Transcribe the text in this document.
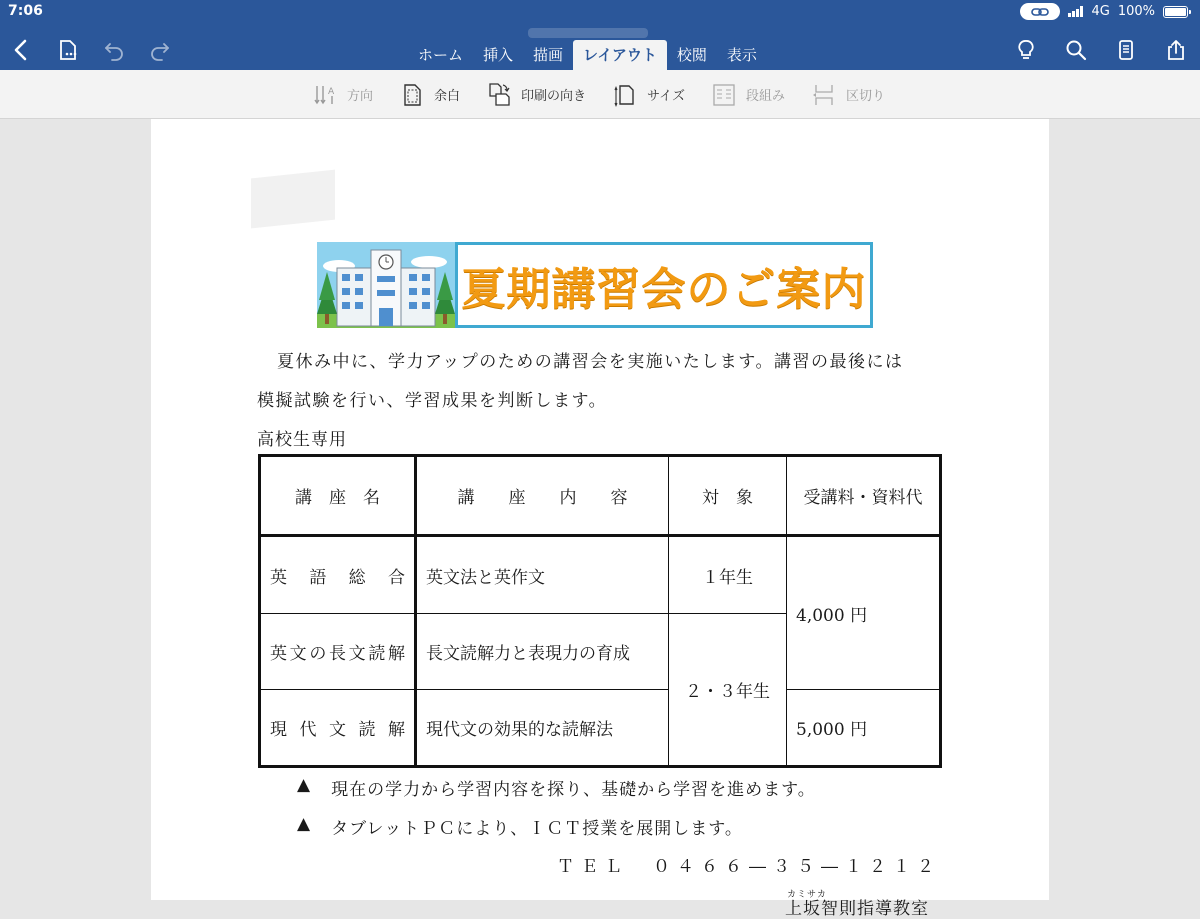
7:06	4G 100%
ホーム	挿入	描画	レイアウト	校閲	表示
A 方向	余白	印刷の向き	サイズ	段組み	区切り
夏期講習会のご案内
夏休み中に、学力アップのための講習会を実施いたします。講習の最後には
模擬試験を行い、学習成果を判断します。
高校生専用
講　座　名	講　　座　　内　　容	対　象	受講料・資料代

英語総合	英文法と英作文	１年生	4,000 円

英文の長文読解	長文読解力と表現力の育成	２・３年生	

現代文読解	現代文の効果的な読解法		5,000 円
▲ 現在の学力から学習内容を探り、基礎から学習を進めます。
▲ タブレットＰＣにより、ＩＣＴ授業を展開します。
ＴＥＬ　０４６６―３５―１２１２
カミサカ
上坂智則指導教室
